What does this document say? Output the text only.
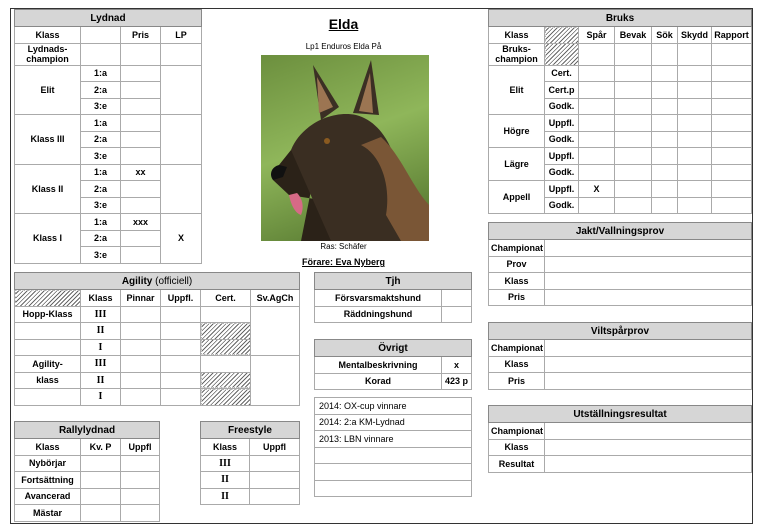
Lydnad			
Klass		Pris	LP
Lydnads-champion			
Elit	1:a		
	2:a		
	3:e		
Klass III	1:a		
	2:a		
	3:e		
Klass II	1:a	xx	
	2:a		
	3:e		
Klass I	1:a	xxx	X
	2:a		
	3:e		
Elda
Lp1 Enduros Elda På
Ras: Schäfer
Förare: Eva Nyberg
Bruks						
Klass		Spår	Bevak	Sök	Skydd	Rapport
Bruks-champion						
Elit	Cert.					
	Cert.p					
	Godk.					
Högre	Uppfl.					
	Godk.					
Lägre	Uppfl.					
	Godk.					
Appell	Uppfl.	X				
	Godk.					
Jakt/Vallningsprov	
Championat	
Prov	
Klass	
Pris	
Viltspårprov	
Championat	
Klass	
Pris	
Utställningsresultat	
Championat	
Klass	
Resultat	
Agility (officiell)					
	Klass	Pinnar	Uppfl.	Cert.	Sv.AgCh
Hopp-Klass	III				
	II				
	I				
Agility-	III				
klass	II				
	I				
Tjh	
Försvarsmaktshund	
Räddningshund	
Övrigt	
Mentalbeskrivning	x
Korad	423 p

2014: OX-cup vinnare	
2014: 2:a KM-Lydnad	
2013: LBN vinnare	

Rallylydnad		
Klass	Kv. P	Uppfl
Nybörjar		
Fortsättning		
Avancerad		
Mästar		
Freestyle	
Klass	Uppfl
III	
II	
II	
